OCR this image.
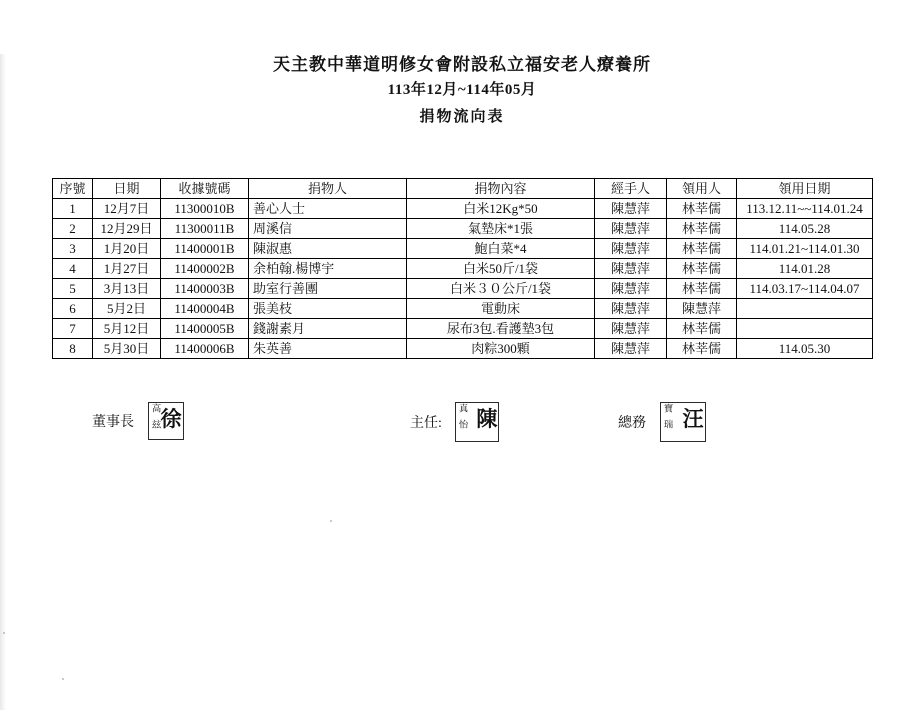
天主教中華道明修女會附設私立福安老人療養所
113年12月~114年05月
捐物流向表
序號	日期	收據號碼	捐物人	捐物內容	經手人	領用人	領用日期
1	12月7日	11300010B	善心人士	白米12Kg*50	陳慧萍	林莘儒	113.12.11~~114.01.24
2	12月29日	11300011B	周溪信	氣墊床*1張	陳慧萍	林莘儒	114.05.28
3	1月20日	11400001B	陳淑惠	鮑白菜*4	陳慧萍	林莘儒	114.01.21~114.01.30
4	1月27日	11400002B	余柏翰.楊博宇	白米50斤/1袋	陳慧萍	林莘儒	114.01.28
5	3月13日	11400003B	助室行善團	白米３０公斤/1袋	陳慧萍	林莘儒	114.03.17~114.04.07
6	5月2日	11400004B	張美枝	電動床	陳慧萍	陳慧萍	
7	5月12日	11400005B	錢謝素月	尿布3包.看護墊3包	陳慧萍	林莘儒	
8	5月30日	11400006B	朱英善	肉粽300顆	陳慧萍	林莘儒	114.05.30
董事長
高
玆 徐	主任:
真
怡 陳	總務
寶
瑞 汪
